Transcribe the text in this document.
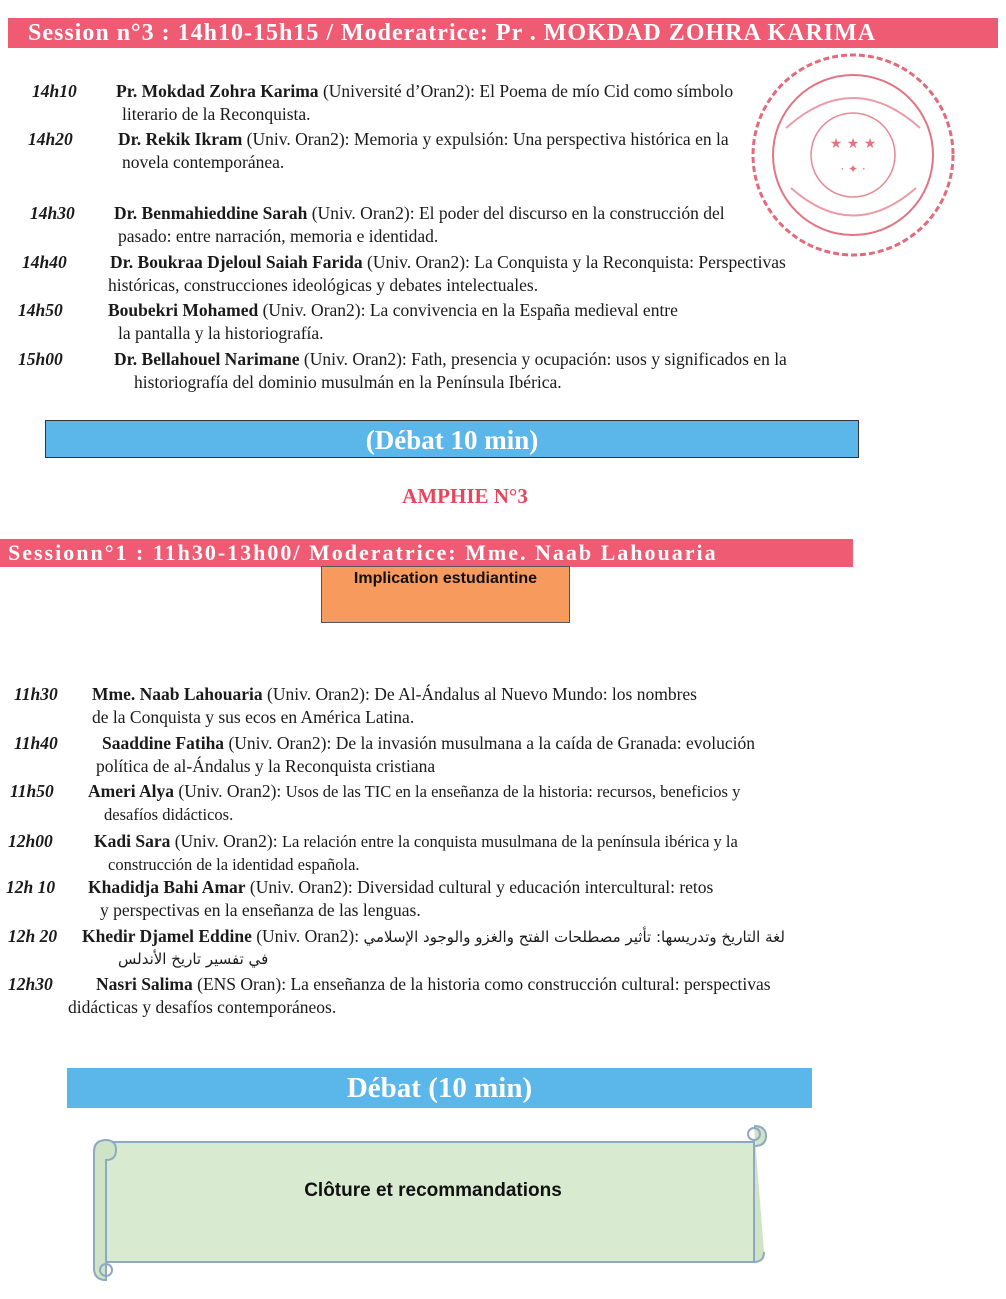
Session n°3 : 14h10-15h15 / Moderatrice: Pr . MOKDAD ZOHRA KARIMA
★ ★ ★
· ✦ ·
14h10 Pr. Mokdad Zohra Karima (Université d’Oran2): El Poema de mío Cid como símbolo
literario de la Reconquista.
14h20	Dr. Rekik Ikram (Univ. Oran2): Memoria y expulsión: Una perspectiva histórica en la
novela contemporánea.
14h30 Dr. Benmahieddine Sarah (Univ. Oran2): El poder del discurso en la construcción del
pasado: entre narración, memoria e identidad.
14h40 Dr. Boukraa Djeloul Saiah Farida (Univ. Oran2): La Conquista y la Reconquista: Perspectivas
históricas, construcciones ideológicas y debates intelectuales.
14h50	Boubekri Mohamed (Univ. Oran2): La convivencia en la España medieval entre
la pantalla y la historiografía.
15h00	Dr. Bellahouel Narimane (Univ. Oran2): Fath, presencia y ocupación: usos y significados en la
historiografía del dominio musulmán en la Península Ibérica.
(Débat 10 min)
AMPHIE N°3
Sessionn°1 : 11h30-13h00/ Moderatrice: Mme. Naab Lahouaria
Implication estudiantine
11h30 Mme. Naab Lahouaria (Univ. Oran2): De Al-Ándalus al Nuevo Mundo: los nombres
de la Conquista y sus ecos en América Latina.
11h40	Saaddine Fatiha (Univ. Oran2): De la invasión musulmana a la caída de Granada: evolución
política de al-Ándalus y la Reconquista cristiana
11h50 Ameri Alya (Univ. Oran2): Usos de las TIC en la enseñanza de la historia: recursos, beneficios y
desafíos didácticos.
12h00 Kadi Sara (Univ. Oran2): La relación entre la conquista musulmana de la península ibérica y la
construcción de la identidad española.
12h 10 Khadidja Bahi Amar (Univ. Oran2): Diversidad cultural y educación intercultural: retos
y perspectivas en la enseñanza de las lenguas.
12h 20 Khedir Djamel Eddine (Univ. Oran2): لغة التاريخ وتدريسها: تأثير مصطلحات الفتح والغزو والوجود الإسلامي
في تفسير تاريخ الأندلس
12h30 Nasri Salima (ENS Oran): La enseñanza de la historia como construcción cultural: perspectivas
didácticas y desafíos contemporáneos.
Débat (10 min)
Clôture et recommandations
